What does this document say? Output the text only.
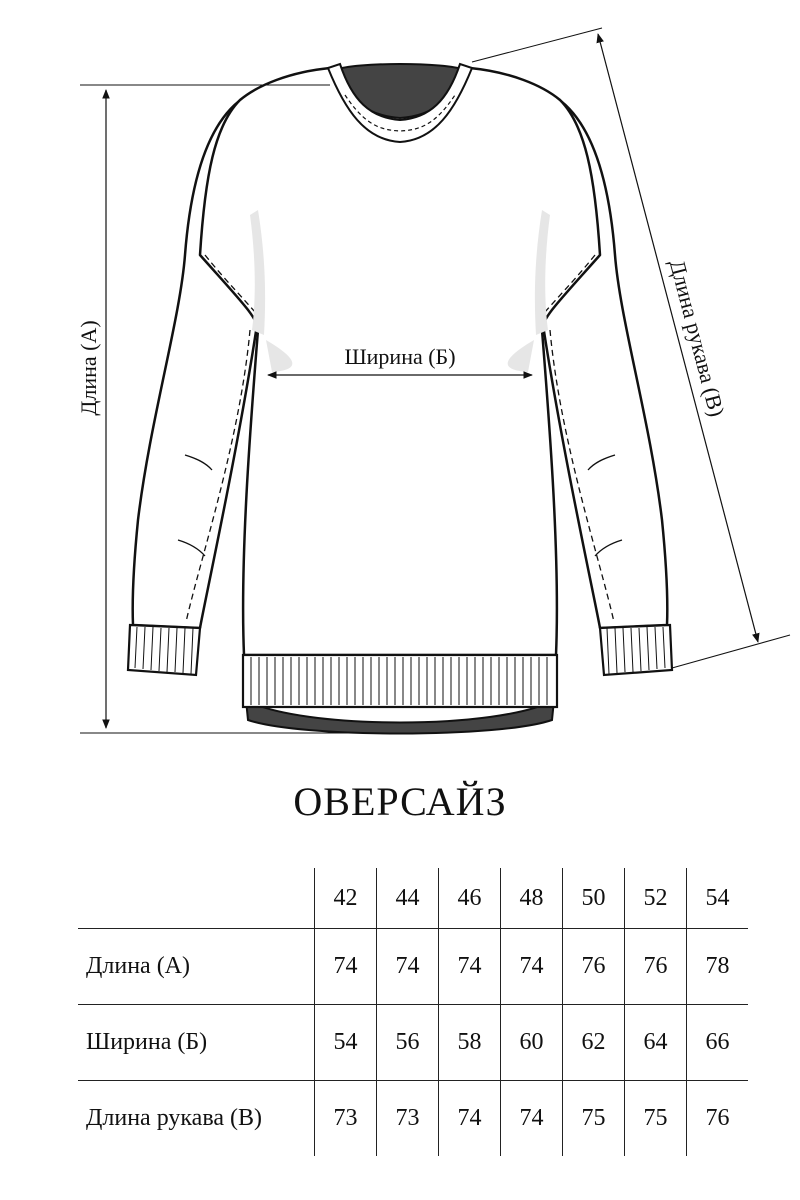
Длина (А)	Ширина (Б)	Длина рукава (В)
ОВЕРСАЙЗ
	42	44	46	48	50	52	54
Длина (А)	74	74	74	74	76	76	78
Ширина (Б)	54	56	58	60	62	64	66
Длина рукава (В)	73	73	74	74	75	75	76
